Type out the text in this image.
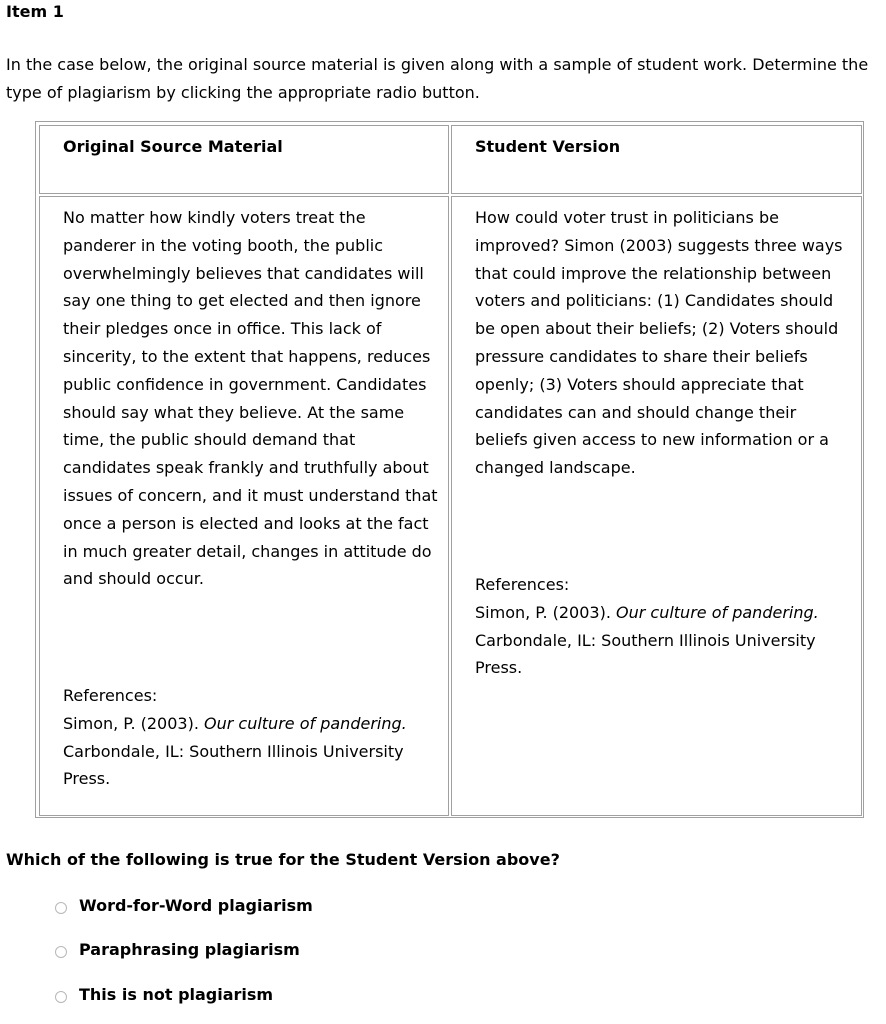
Item 1
In the case below, the original source material is given along with a sample of student work. Determine the type of plagiarism by clicking the appropriate radio button.
Original Source Material	Student Version
No matter how kindly voters treat the panderer in the voting booth, the public overwhelmingly believes that candidates will say one thing to get elected and then ignore their pledges once in office. This lack of sincerity, to the extent that happens, reduces public confidence in government. Candidates should say what they believe. At the same time, the public should demand that candidates speak frankly and truthfully about issues of concern, and it must understand that once a person is elected and looks at the fact in much greater detail, changes in attitude do and should occur.

References:

Simon, P. (2003). Our culture of pandering. Carbondale, IL: Southern Illinois University Press.

How could voter trust in politicians be improved? Simon (2003) suggests three ways that could improve the relationship between voters and politicians: (1) Candidates should be open about their beliefs; (2) Voters should pressure candidates to share their beliefs openly; (3) Voters should appreciate that candidates can and should change their beliefs given access to new information or a changed landscape.

References:

Simon, P. (2003). Our culture of pandering. Carbondale, IL: Southern Illinois University Press.

Which of the following is true for the Student Version above?
Word-for-Word plagiarism
Paraphrasing plagiarism
This is not plagiarism
